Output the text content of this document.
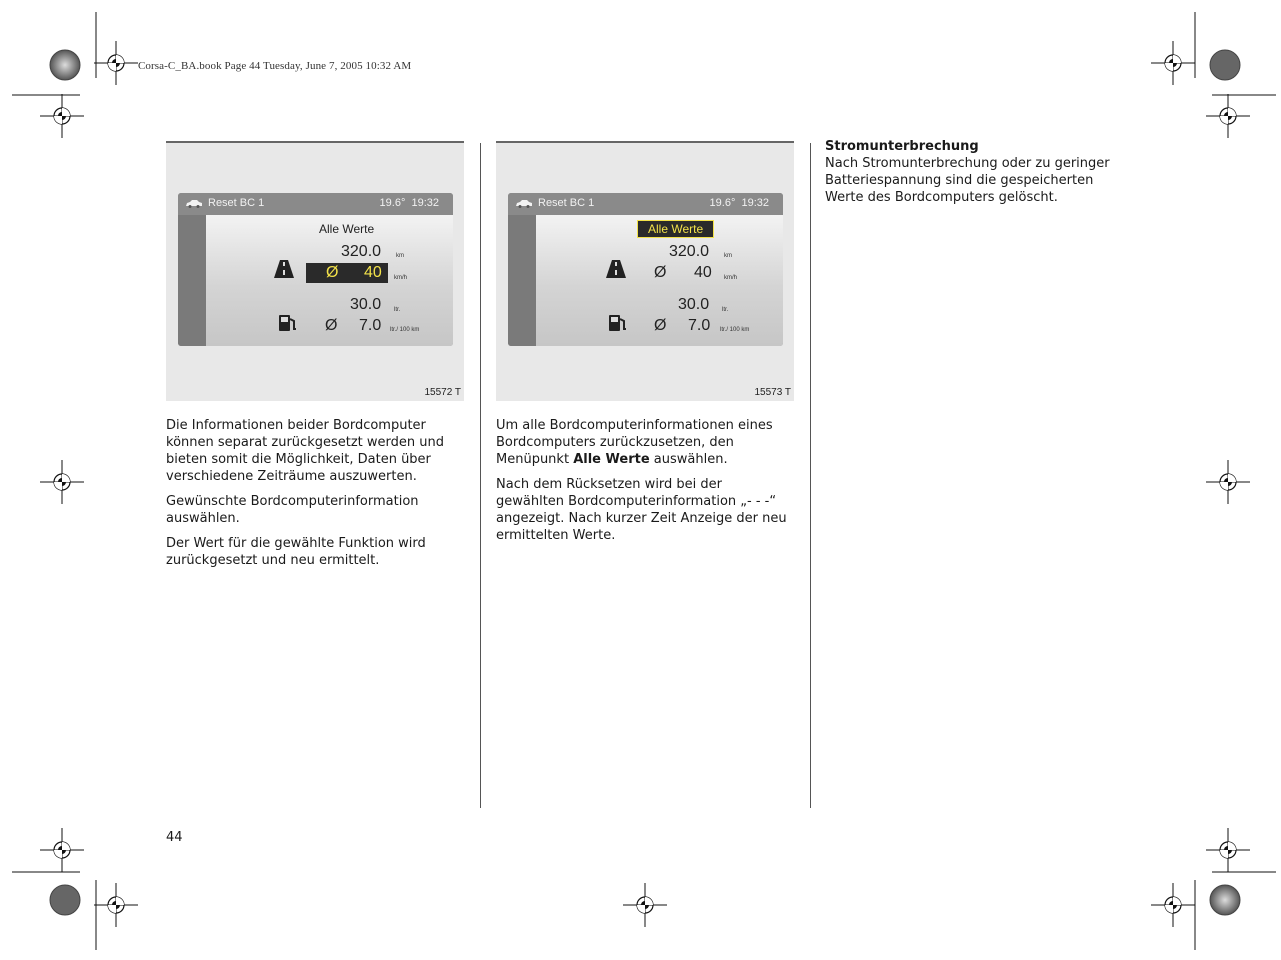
Corsa-C_BA.book Page 44 Tuesday, June 7, 2005 10:32 AM
Reset BC 1	19.6°  19:32
Alle Werte
320.0 km
Ø 40 km/h
30.0 ltr.
Ø 7.0 ltr./ 100 km
15572 T
Reset BC 1	19.6°  19:32
Alle Werte
320.0 km
Ø 40 km/h
30.0 ltr.
Ø 7.0 ltr./ 100 km
15573 T

Die Informationen beider Bordcomputer können separat zurückgesetzt werden und bieten somit die Möglichkeit, Daten über verschiedene Zeiträume auszuwerten.

Gewünschte Bordcomputerinformation auswählen.

Der Wert für die gewählte Funktion wird zurückgesetzt und neu ermittelt.

Um alle Bordcomputerinformationen eines Bordcomputers zurückzusetzen, den Menüpunkt Alle Werte auswählen.

Nach dem Rücksetzen wird bei der gewählten Bordcomputerinformation „- - -“ angezeigt. Nach kurzer Zeit Anzeige der neu ermittelten Werte.

Stromunterbrechung

Nach Stromunterbrechung oder zu geringer Batteriespannung sind die gespeicherten Werte des Bordcomputers gelöscht.

44
